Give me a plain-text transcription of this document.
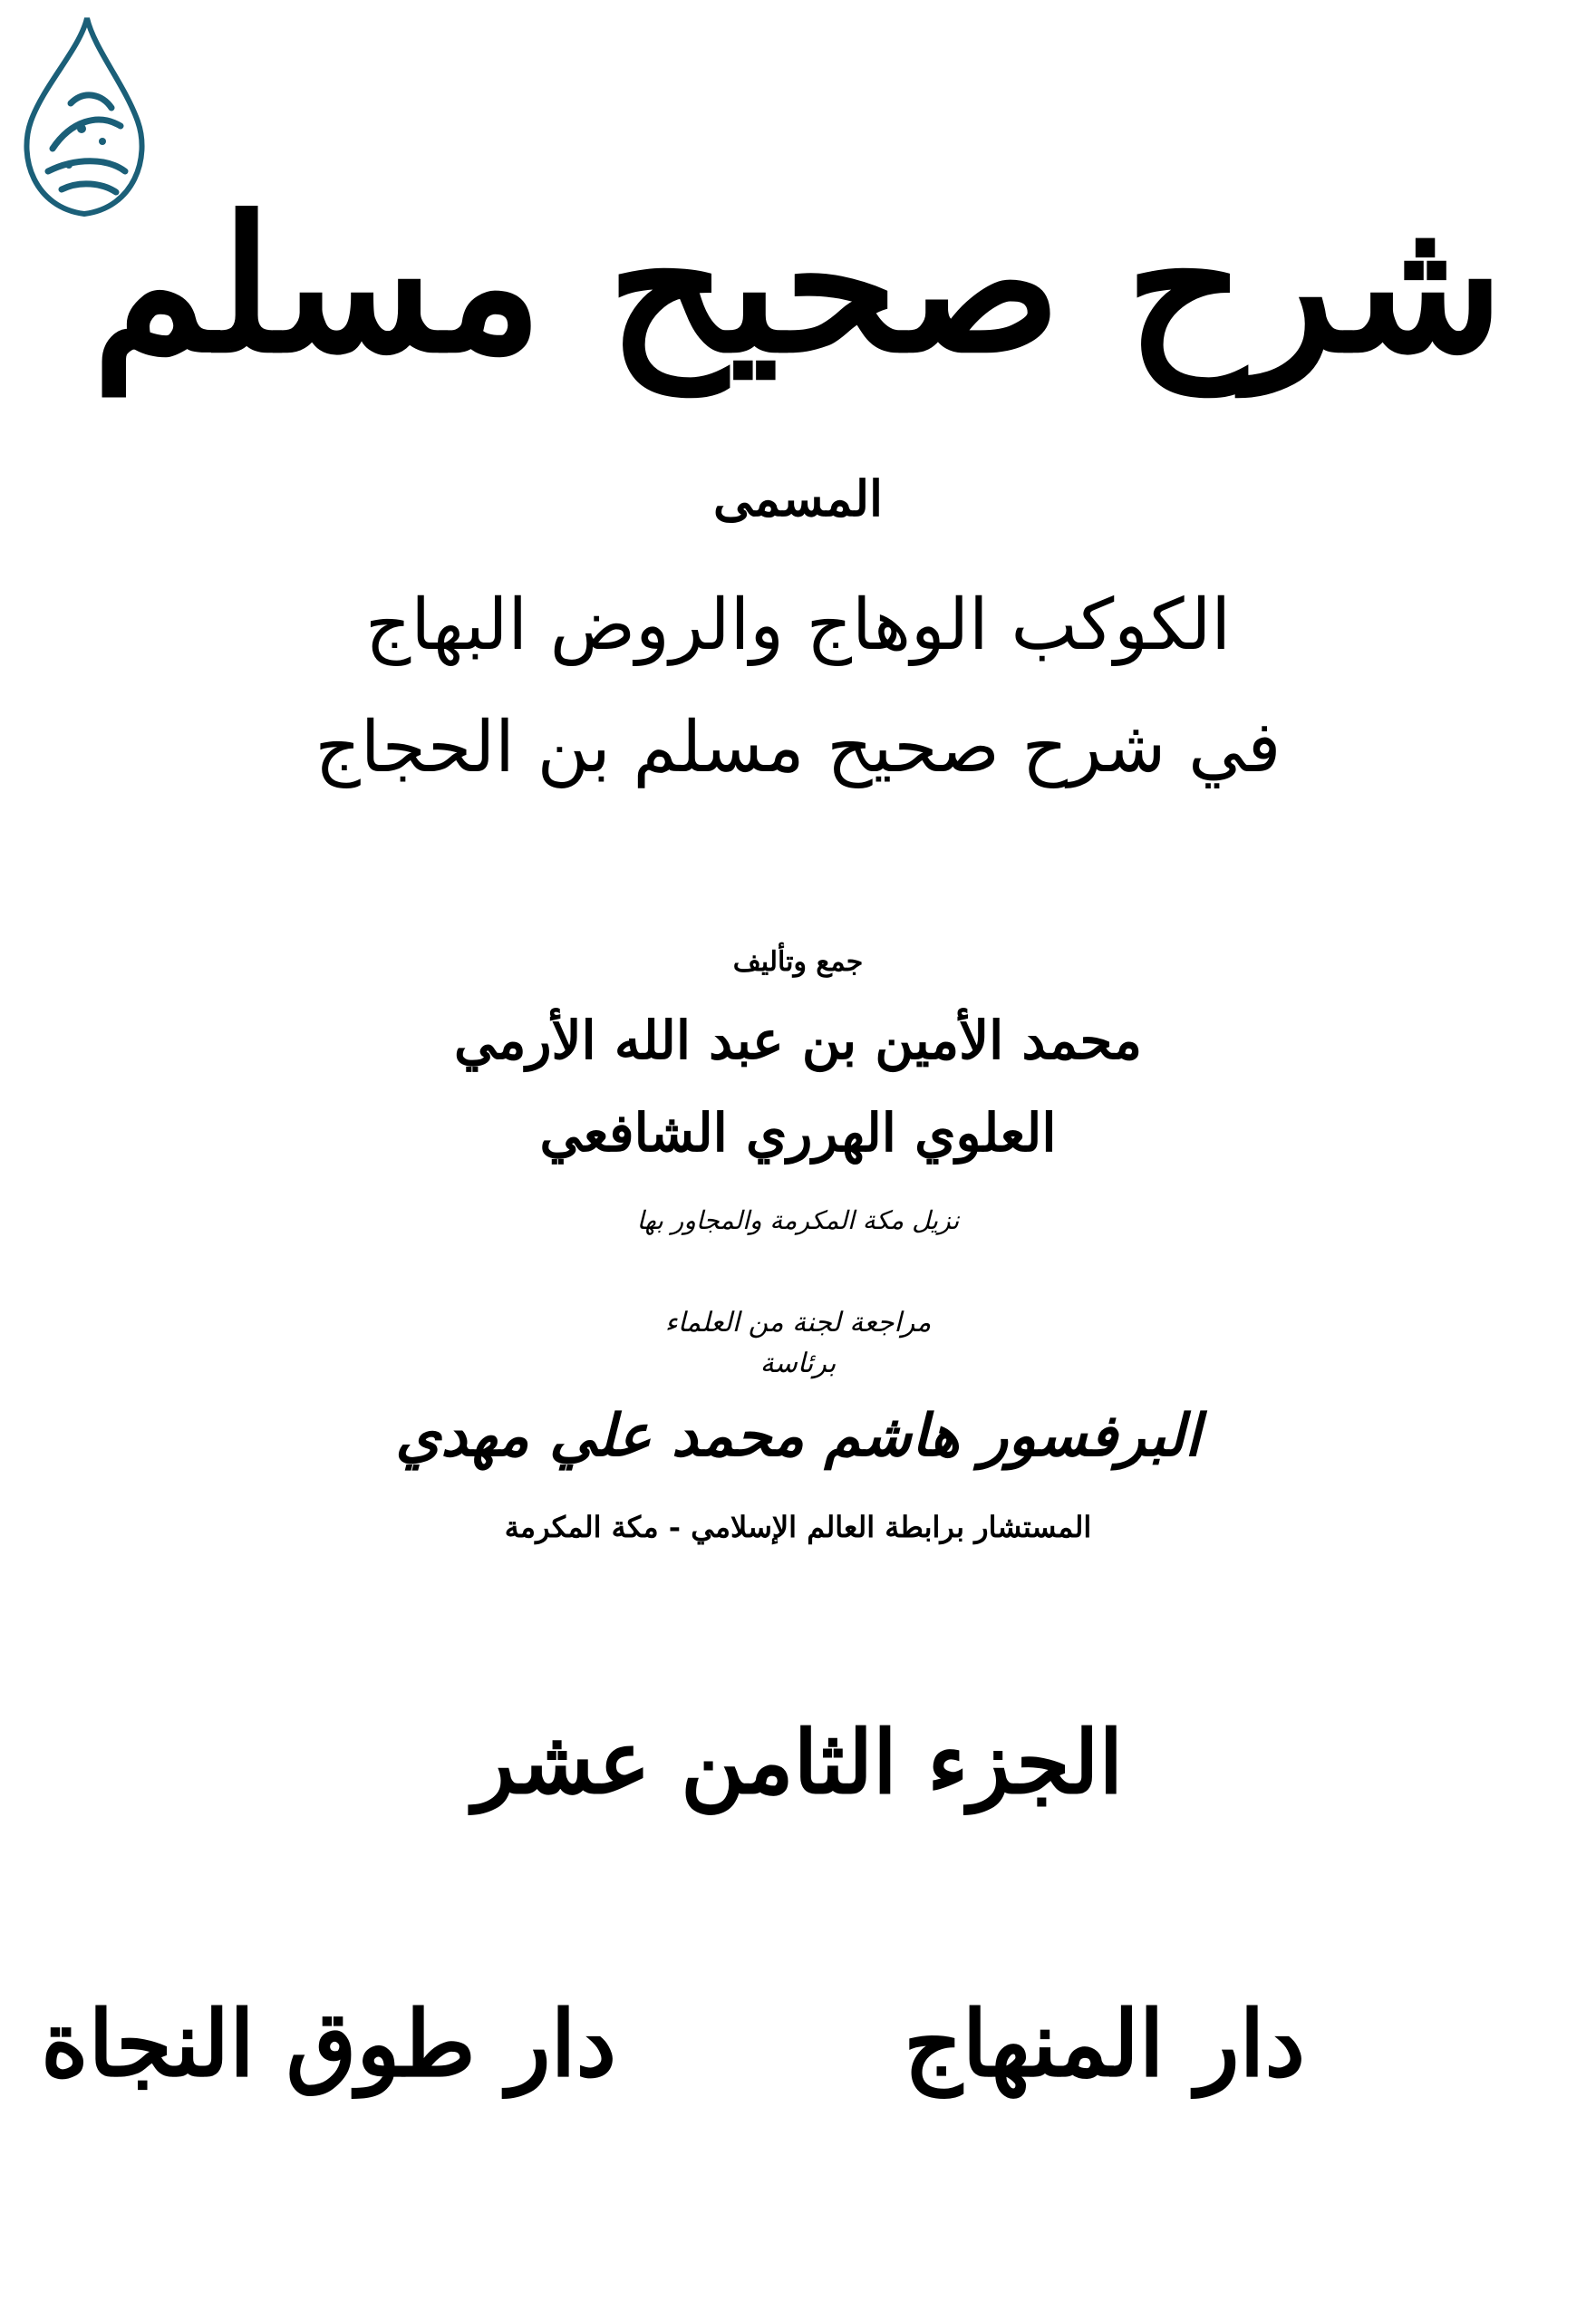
شرح صحيح مسلم
المسمى
الكوكب الوهاج والروض البهاج
في شرح صحيح مسلم بن الحجاج
جمع وتأليف
محمد الأمين بن عبد الله الأرمي
العلوي الهرري الشافعي
نزيل مكة المكرمة والمجاور بها
مراجعة لجنة من العلماء
برئاسة
البرفسور هاشم محمد علي مهدي
المستشار برابطة العالم الإسلامي - مكة المكرمة
الجزء الثامن عشر
دار المنهاج
دار طوق النجاة
